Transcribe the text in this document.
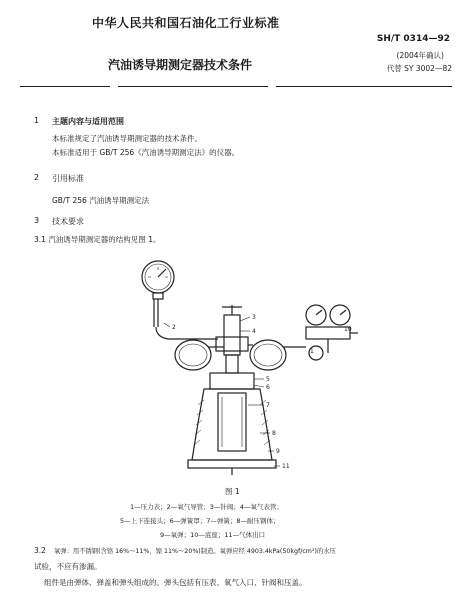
中华人民共和国石油化工行业标准
SH/T 0314—92
汽油诱导期测定器技术条件
(2004年确认)
代替 SY 3002—82
1 主题内容与适用范围
本标准规定了汽油诱导期测定器的技术条件。
本标准适用于 GB/T 256《汽油诱导期测定法》的仪器。
2 引用标准
GB/T 256 汽油诱导期测定法
3 技术要求
3.1 汽油诱导期测定器的结构见图 1。
2
3
4
1
5
6
7
8
9
11
10
图 1
1—压力表；2—氧气导管；3—针阀；4—氧气表管；
5—上下连接头；6—弹簧罩；7—弹簧；8—耐压钢体；
9—氧弹；10—底座；11—气体出口
3.2 氧弹：用不锈钢(含铬 16%～11%，镍 11%～20%)制造。氧弹应经 4903.4kPa(50kgf/cm²)的水压
试验，不应有渗漏。
组件是由弹体、弹盖和弹头组成的。弹头包括有压表、氧气入口、针阀和压盖。
